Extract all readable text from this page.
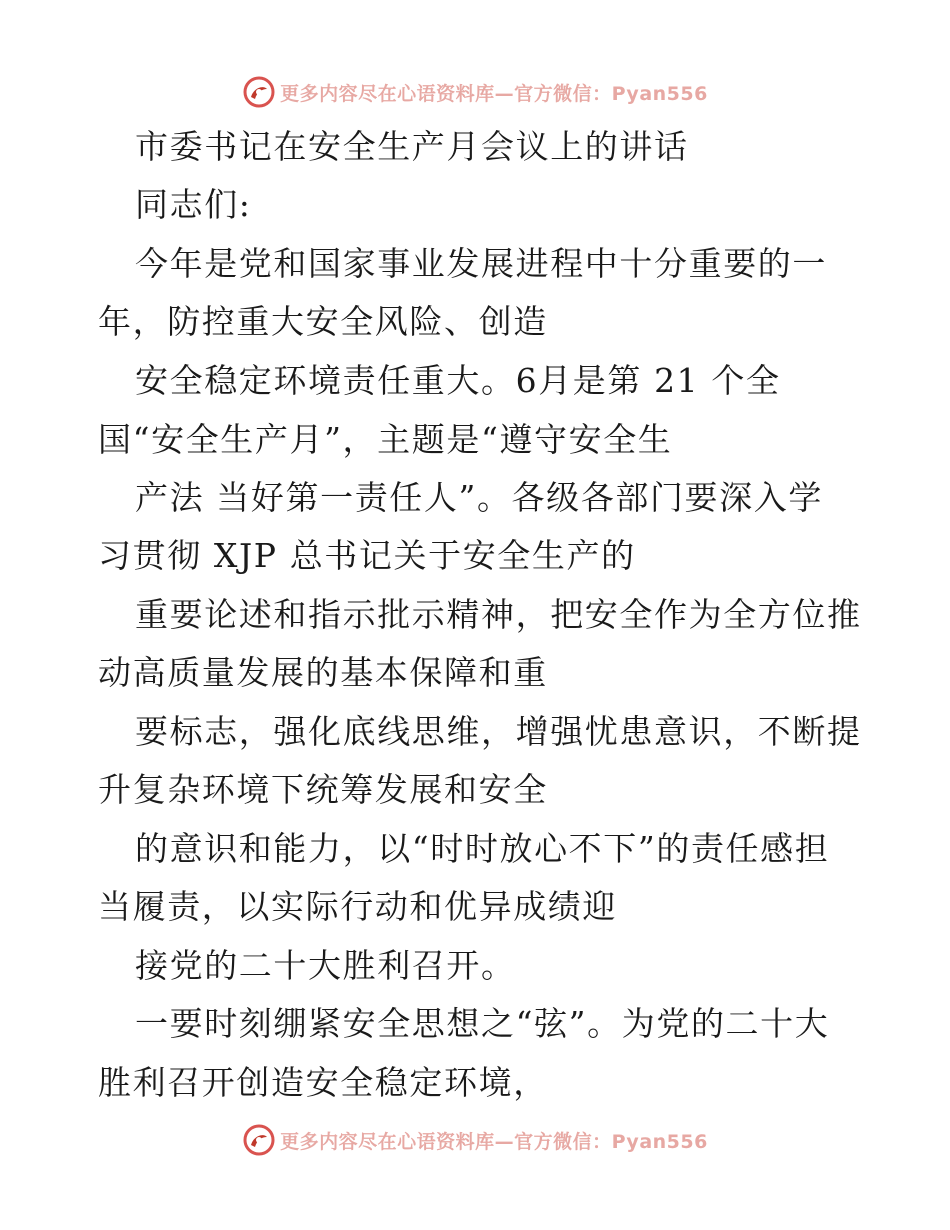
更多内容尽在心语资料库—官方微信：Pyan556
市委书记在安全生产月会议上的讲话
同志们:
今年是党和国家事业发展进程中十分重要的一
年，防控重大安全风险、创造
安全稳定环境责任重大。6月是第 21 个全
国“安全生产月”，主题是“遵守安全生
产法 当好第一责任人”。各级各部门要深入学
习贯彻 XJP 总书记关于安全生产的
重要论述和指示批示精神，把安全作为全方位推
动高质量发展的基本保障和重
要标志，强化底线思维，增强忧患意识，不断提
升复杂环境下统筹发展和安全
的意识和能力，以“时时放心不下”的责任感担
当履责，以实际行动和优异成绩迎
接党的二十大胜利召开。
一要时刻绷紧安全思想之“弦”。为党的二十大
胜利召开创造安全稳定环境，
更多内容尽在心语资料库—官方微信：Pyan556
